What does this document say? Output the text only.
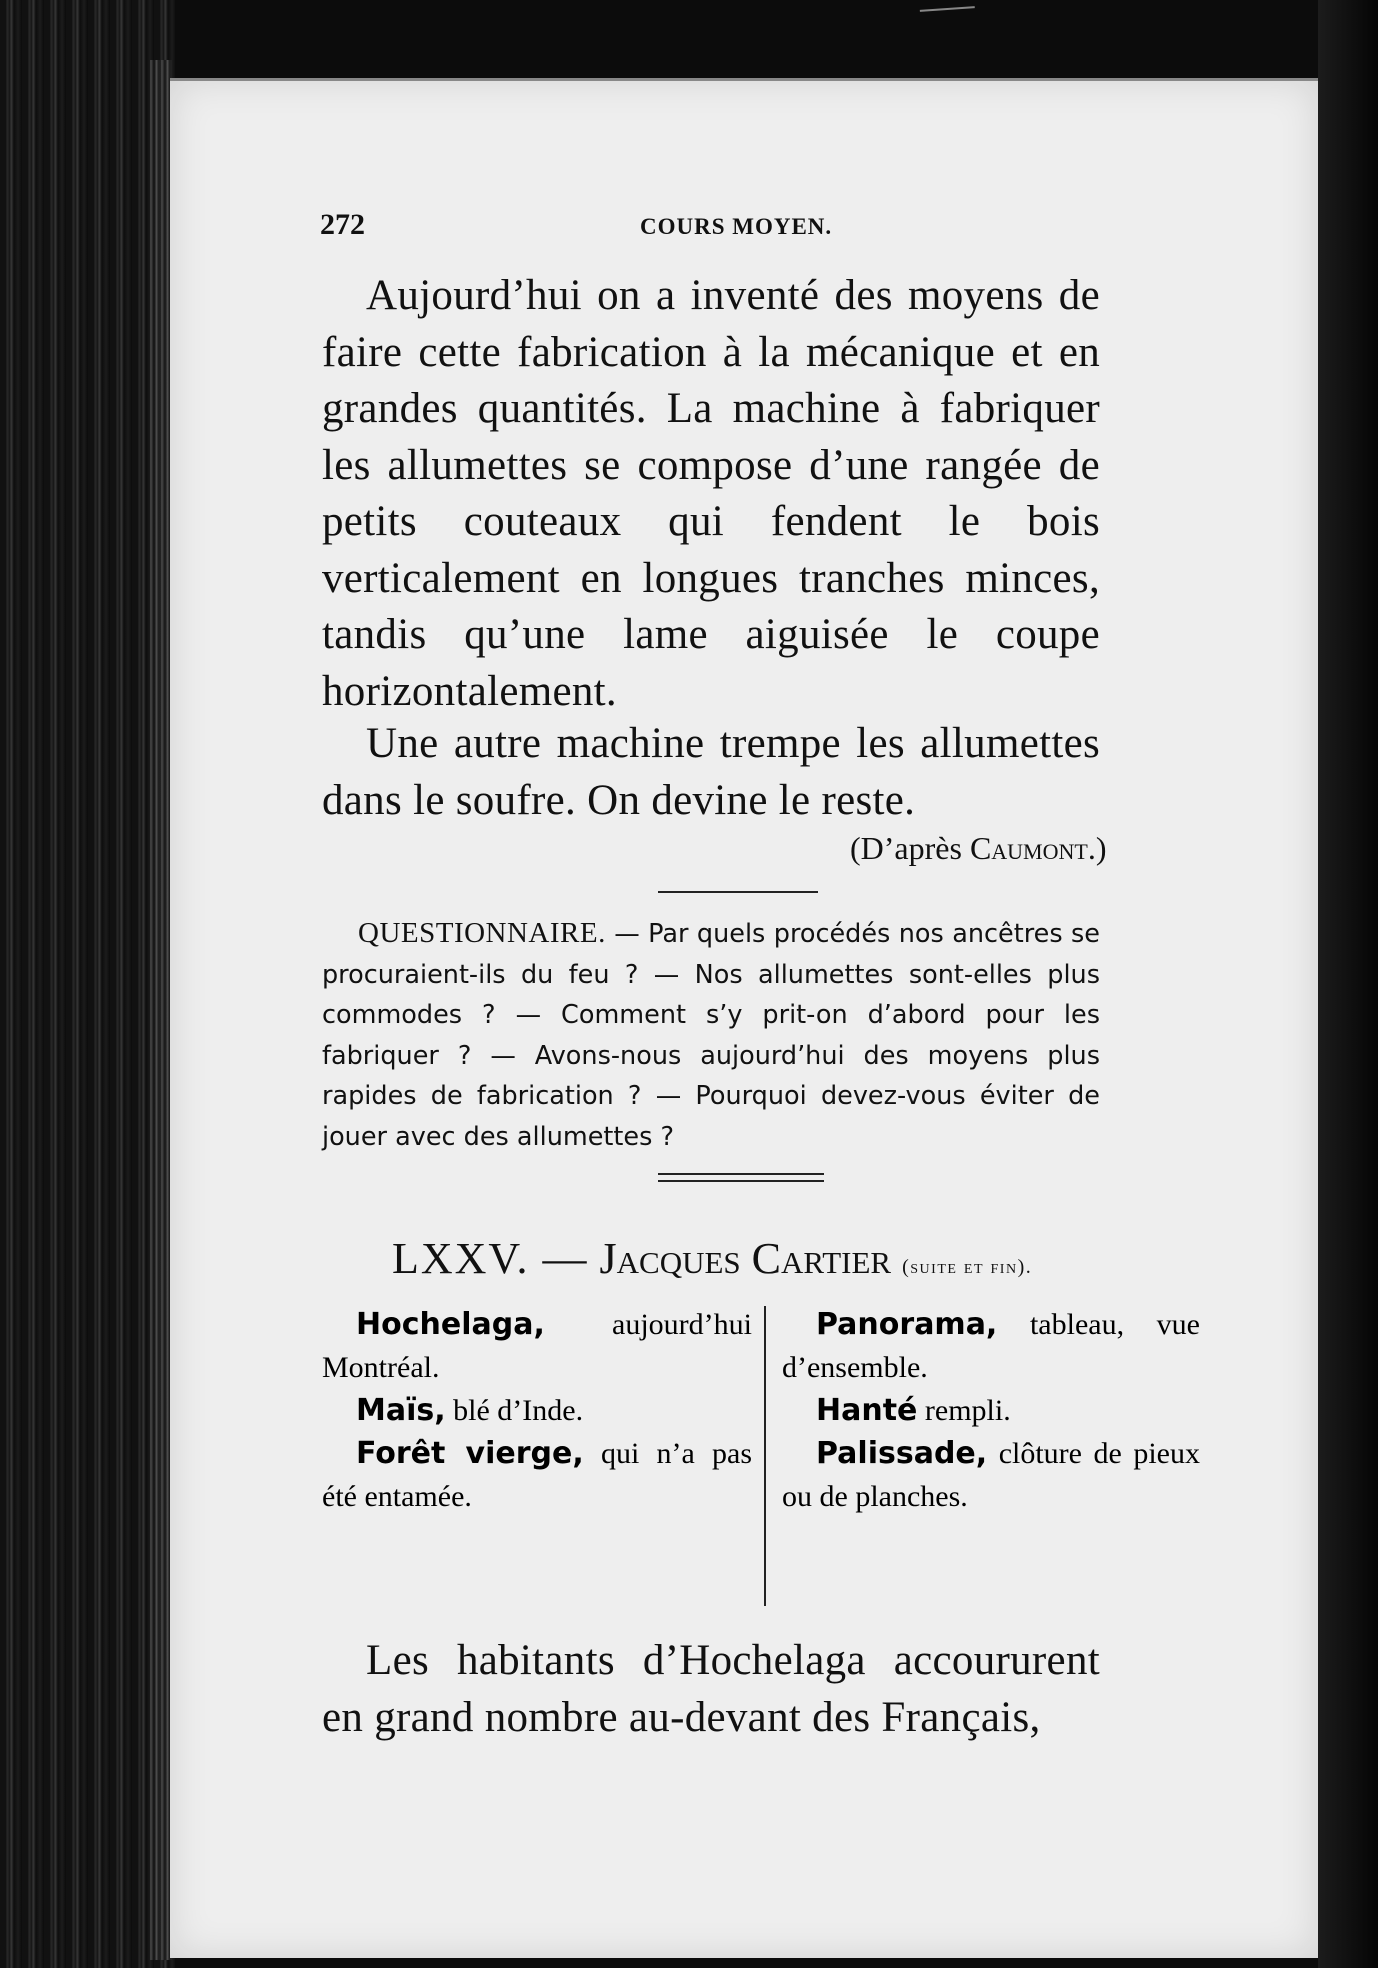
272	COURS MOYEN.

Aujourd’hui on a inventé des moyens de faire cette fabrication à la mécanique et en grandes quantités. La machine à fabriquer les allumettes se compose d’une rangée de petits couteaux qui fendent le bois verticalement en longues tranches minces, tandis qu’une lame aiguisée le coupe horizontalement.

Une autre machine trempe les allumettes dans le soufre. On devine le reste.

(D’après Caumont.)

QUESTIONNAIRE. — Par quels procédés nos ancêtres se procuraient-ils du feu ? — Nos allumettes sont-elles plus commodes ? — Comment s’y prit-on d’abord pour les fabriquer ? — Avons-nous aujourd’hui des moyens plus rapides de fabrication ? — Pourquoi devez-vous éviter de jouer avec des allumettes ?

LXXV. — Jacques Cartier (suite et fin).

Hochelaga, aujourd’hui Montréal.

Maïs, blé d’Inde.

Forêt vierge, qui n’a pas été entamée.

Panorama, tableau, vue d’ensemble.

Hanté rempli.

Palissade, clôture de pieux ou de planches.

Les habitants d’Hochelaga accoururent en grand nombre au-devant des Français,
